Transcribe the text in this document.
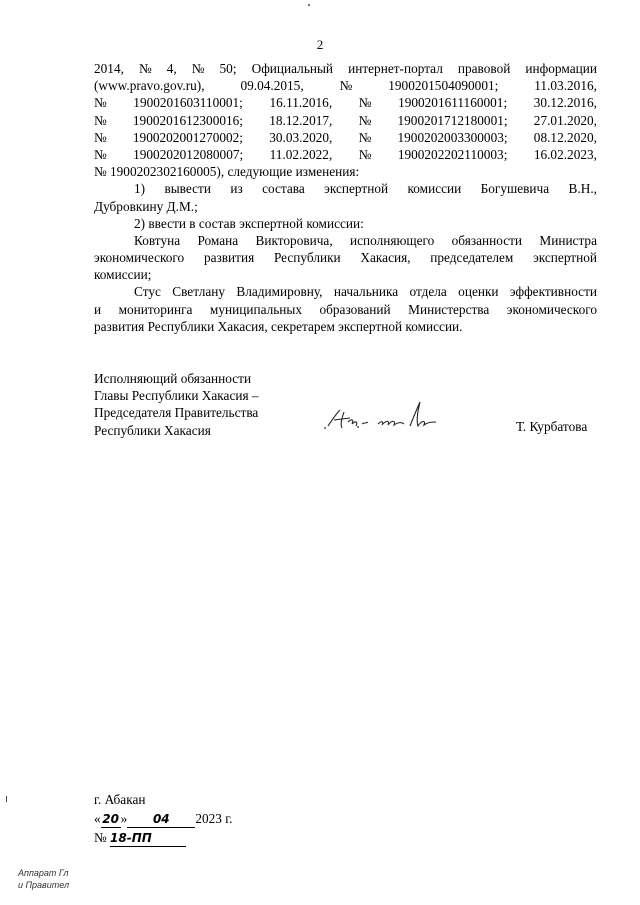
2
2014, № 4, № 50; Официальный интернет-портал правовой информации
(www.pravo.gov.ru),	09.04.2015,	№	1900201504090001;	11.03.2016,
№ 1900201603110001; 16.11.2016, № 1900201611160001; 30.12.2016,
№ 1900201612300016; 18.12.2017, № 1900201712180001; 27.01.2020,
№ 1900202001270002; 30.03.2020, № 1900202003300003; 08.12.2020,
№ 1900202012080007; 11.02.2022, № 1900202202110003; 16.02.2023,
№ 1900202302160005), следующие изменения:
1) вывести из состава экспертной комиссии Богушевича В.Н.,
Дубровкину Д.М.;
2) ввести в состав экспертной комиссии:
Ковтуна Романа Викторовича, исполняющего обязанности Министра
экономического развития Республики Хакасия, председателем экспертной
комиссии;
Стус Светлану Владимировну, начальника отдела оценки эффективности
и мониторинга муниципальных образований Министерства экономического
развития Республики Хакасия, секретарем экспертной комиссии.
Исполняющий обязанности
Главы Республики Хакасия –
Председателя Правительства
Республики Хакасия	Т. Курбатова
г. Абакан
« 20 » 04 2023 г.
№ 18-ПП
Аппарат Гл
и Правител
